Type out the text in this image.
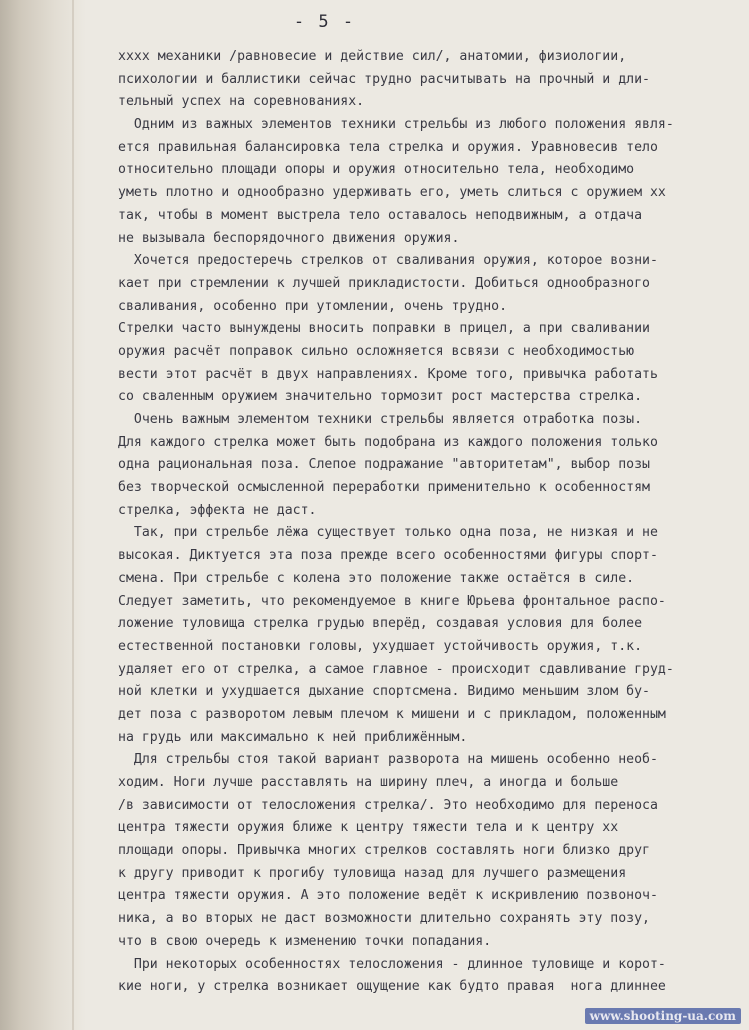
- 5 -
xxxx механики /равновесие и действие сил/, анатомии, физиологии,
психологии и баллистики сейчас трудно расчитывать на прочный и дли-
тельный успех на соревнованиях.
Одним из важных элементов техники стрельбы из любого положения явля-
ется правильная балансировка тела стрелка и оружия. Уравновесив тело
относительно площади опоры и оружия относительно тела, необходимо
уметь плотно и однообразно удерживать его, уметь слиться с оружием xx
так, чтобы в момент выстрела тело оставалось неподвижным, а отдача
не вызывала беспорядочного движения оружия.
Хочется предостеречь стрелков от сваливания оружия, которое возни-
кает при стремлении к лучшей прикладистости. Добиться однообразного
сваливания, особенно при утомлении, очень трудно.
Стрелки часто вынуждены вносить поправки в прицел, а при сваливании
оружия расчёт поправок сильно осложняется всвязи с необходимостью
вести этот расчёт в двух направлениях. Кроме того, привычка работать
со сваленным оружием значительно тормозит рост мастерства стрелка.
Очень важным элементом техники стрельбы является отработка позы.
Для каждого стрелка может быть подобрана из каждого положения только
одна рациональная поза. Слепое подражание "авторитетам", выбор позы
без творческой осмысленной переработки применительно к особенностям
стрелка, эффекта не даст.
Так, при стрельбе лёжа существует только одна поза, не низкая и не
высокая. Диктуется эта поза прежде всего особенностями фигуры спорт-
смена. При стрельбе с колена это положение также остаётся в силе.
Следует заметить, что рекомендуемое в книге Юрьева фронтальное распо-
ложение туловища стрелка грудью вперёд, создавая условия для более
естественной постановки головы, ухудшает устойчивость оружия, т.к.
удаляет его от стрелка, а самое главное - происходит сдавливание груд-
ной клетки и ухудшается дыхание спортсмена. Видимо меньшим злом бу-
дет поза с разворотом левым плечом к мишени и с прикладом, положенным
на грудь или максимально к ней приближённым.
Для стрельбы стоя такой вариант разворота на мишень особенно необ-
ходим. Ноги лучше расставлять на ширину плеч, а иногда и больше
/в зависимости от телосложения стрелка/. Это необходимо для переноса
центра тяжести оружия ближе к центру тяжести тела и к центру xx
площади опоры. Привычка многих стрелков составлять ноги близко друг
к другу приводит к прогибу туловища назад для лучшего размещения
центра тяжести оружия. А это положение ведёт к искривлению позвоноч-
ника, а во вторых не даст возможности длительно сохранять эту позу,
что в свою очередь к изменению точки попадания.
При некоторых особенностях телосложения - длинное туловище и корот-
кие ноги, у стрелка возникает ощущение как будто правая  нога длиннее
www.shooting-ua.com
